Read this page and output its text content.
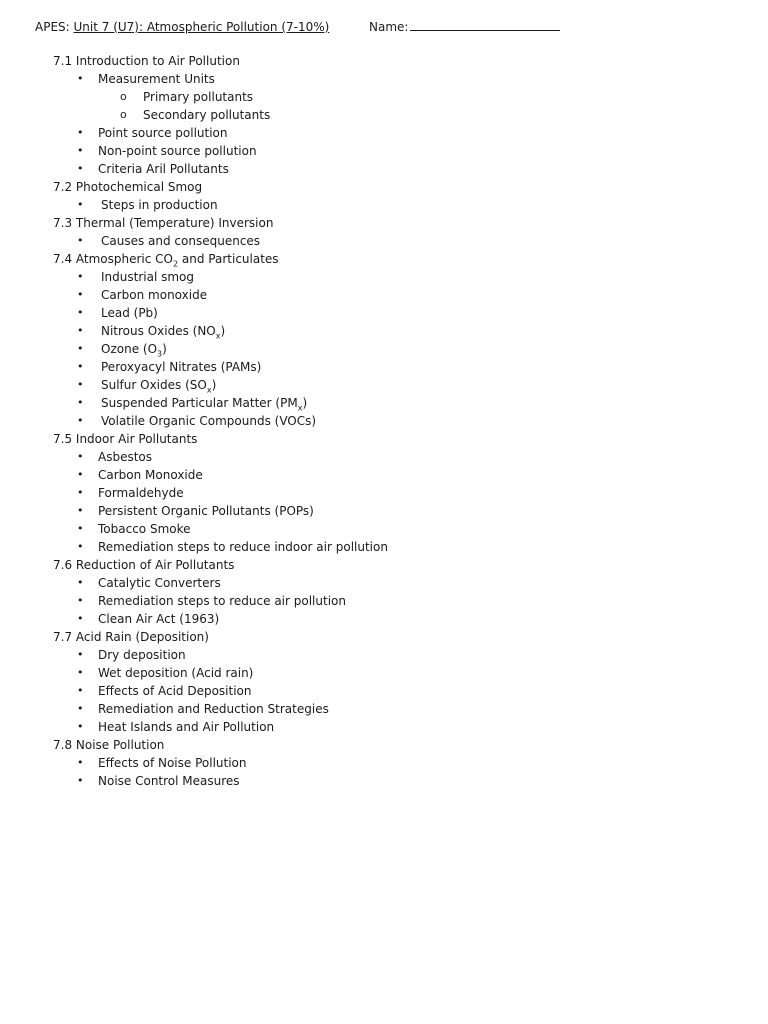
APES: Unit 7 (U7): Atmospheric Pollution (7-10%)	Name:
7.1 Introduction to Air Pollution
• Measurement Units
o Primary pollutants
o Secondary pollutants
• Point source pollution
• Non-point source pollution
• Criteria Aril Pollutants
7.2 Photochemical Smog
• Steps in production
7.3 Thermal (Temperature) Inversion
• Causes and consequences
7.4 Atmospheric $CO_2$ and Particulates
• Industrial smog
• Carbon monoxide
• Lead (Pb)
• Nitrous Oxides $(NO_x)$
• Ozone $(O_3)$
• Peroxyacyl Nitrates (PAMs)
• Sulfur Oxides $(SO_x)$
• Suspended Particular Matter $(PM_x)$
• Volatile Organic Compounds (VOCs)
7.5 Indoor Air Pollutants
• Asbestos
• Carbon Monoxide
• Formaldehyde
• Persistent Organic Pollutants (POPs)
• Tobacco Smoke
• Remediation steps to reduce indoor air pollution
7.6 Reduction of Air Pollutants
• Catalytic Converters
• Remediation steps to reduce air pollution
• Clean Air Act (1963)
7.7 Acid Rain (Deposition)
• Dry deposition
• Wet deposition (Acid rain)
• Effects of Acid Deposition
• Remediation and Reduction Strategies
• Heat Islands and Air Pollution
7.8 Noise Pollution
• Effects of Noise Pollution
• Noise Control Measures
